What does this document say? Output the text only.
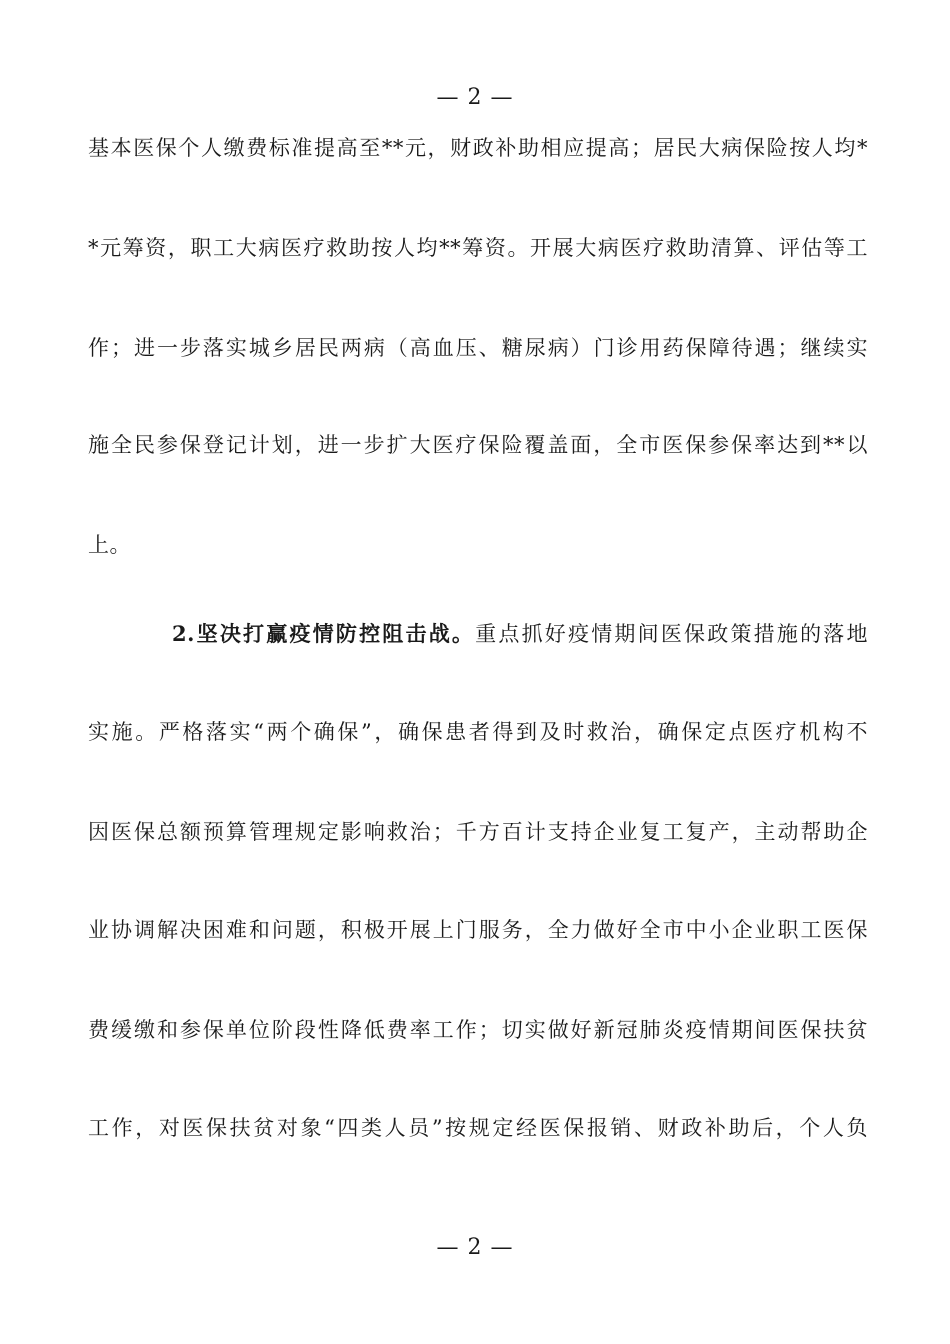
— 2 —
基本医保个人缴费标准提高至**元，财政补助相应提高；居民大病保险按人均*
*元筹资，职工大病医疗救助按人均**筹资。开展大病医疗救助清算、评估等工
作；进一步落实城乡居民两病（高血压、糖尿病）门诊用药保障待遇；继续实
施全民参保登记计划，进一步扩大医疗保险覆盖面，全市医保参保率达到**以
上。
2.坚决打赢疫情防控阻击战。重点抓好疫情期间医保政策措施的落地
实施。严格落实“两个确保”，确保患者得到及时救治，确保定点医疗机构不
因医保总额预算管理规定影响救治；千方百计支持企业复工复产，主动帮助企
业协调解决困难和问题，积极开展上门服务，全力做好全市中小企业职工医保
费缓缴和参保单位阶段性降低费率工作；切实做好新冠肺炎疫情期间医保扶贫
工作，对医保扶贫对象“四类人员”按规定经医保报销、财政补助后，个人负
— 2 —
